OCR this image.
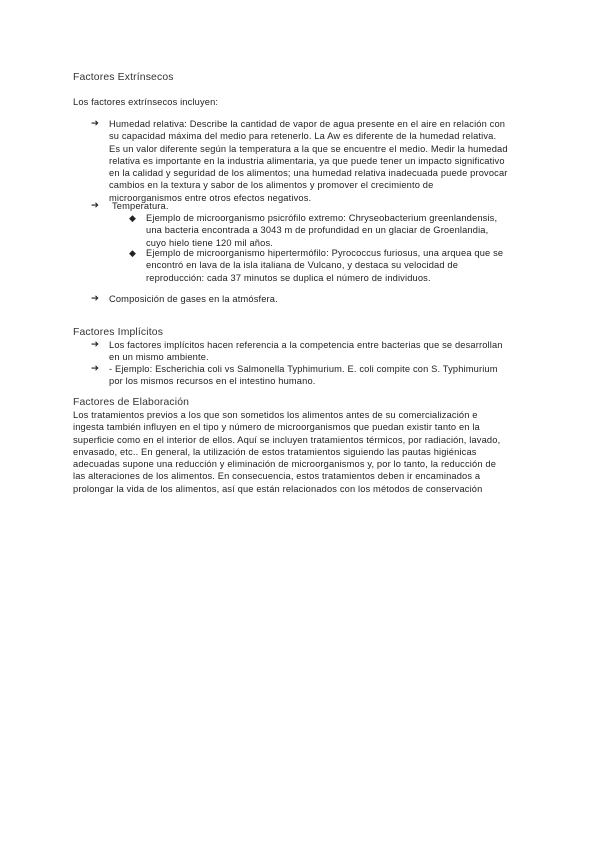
Factores Extrínsecos
Los factores extrínsecos incluyen:
➔ Humedad relativa: Describe la cantidad de vapor de agua presente en el aire en relación con

su capacidad máxima del medio para retenerlo. La Aw es diferente de la humedad relativa.

Es un valor diferente según la temperatura a la que se encuentre el medio. Medir la humedad

relativa es importante en la industria alimentaria, ya que puede tener un impacto significativo

en la calidad y seguridad de los alimentos; una humedad relativa inadecuada puede provocar

cambios en la textura y sabor de los alimentos y promover el crecimiento de

microorganismos entre otros efectos negativos.

➔ Temperatura.
◆ Ejemplo de microorganismo psicrófilo extremo: Chryseobacterium greenlandensis,

una bacteria encontrada a 3043 m de profundidad en un glaciar de Groenlandia,

cuyo hielo tiene 120 mil años.

◆ Ejemplo de microorganismo hipertermófilo: Pyrococcus furiosus, una arquea que se

encontró en lava de la isla italiana de Vulcano, y destaca su velocidad de

reproducción: cada 37 minutos se duplica el número de individuos.

➔ Composición de gases en la atmósfera.
Factores Implícitos
➔ Los factores implícitos hacen referencia a la competencia entre bacterias que se desarrollan

en un mismo ambiente.

➔ - Ejemplo: Escherichia coli vs Salmonella Typhimurium. E. coli compite con S. Typhimurium

por los mismos recursos en el intestino humano.

Factores de Elaboración

Los tratamientos previos a los que son sometidos los alimentos antes de su comercialización e

ingesta también influyen en el tipo y número de microorganismos que puedan existir tanto en la

superficie como en el interior de ellos. Aquí se incluyen tratamientos térmicos, por radiación, lavado,

envasado, etc.. En general, la utilización de estos tratamientos siguiendo las pautas higiénicas

adecuadas supone una reducción y eliminación de microorganismos y, por lo tanto, la reducción de

las alteraciones de los alimentos. En consecuencia, estos tratamientos deben ir encaminados a

prolongar la vida de los alimentos, así que están relacionados con los métodos de conservación
